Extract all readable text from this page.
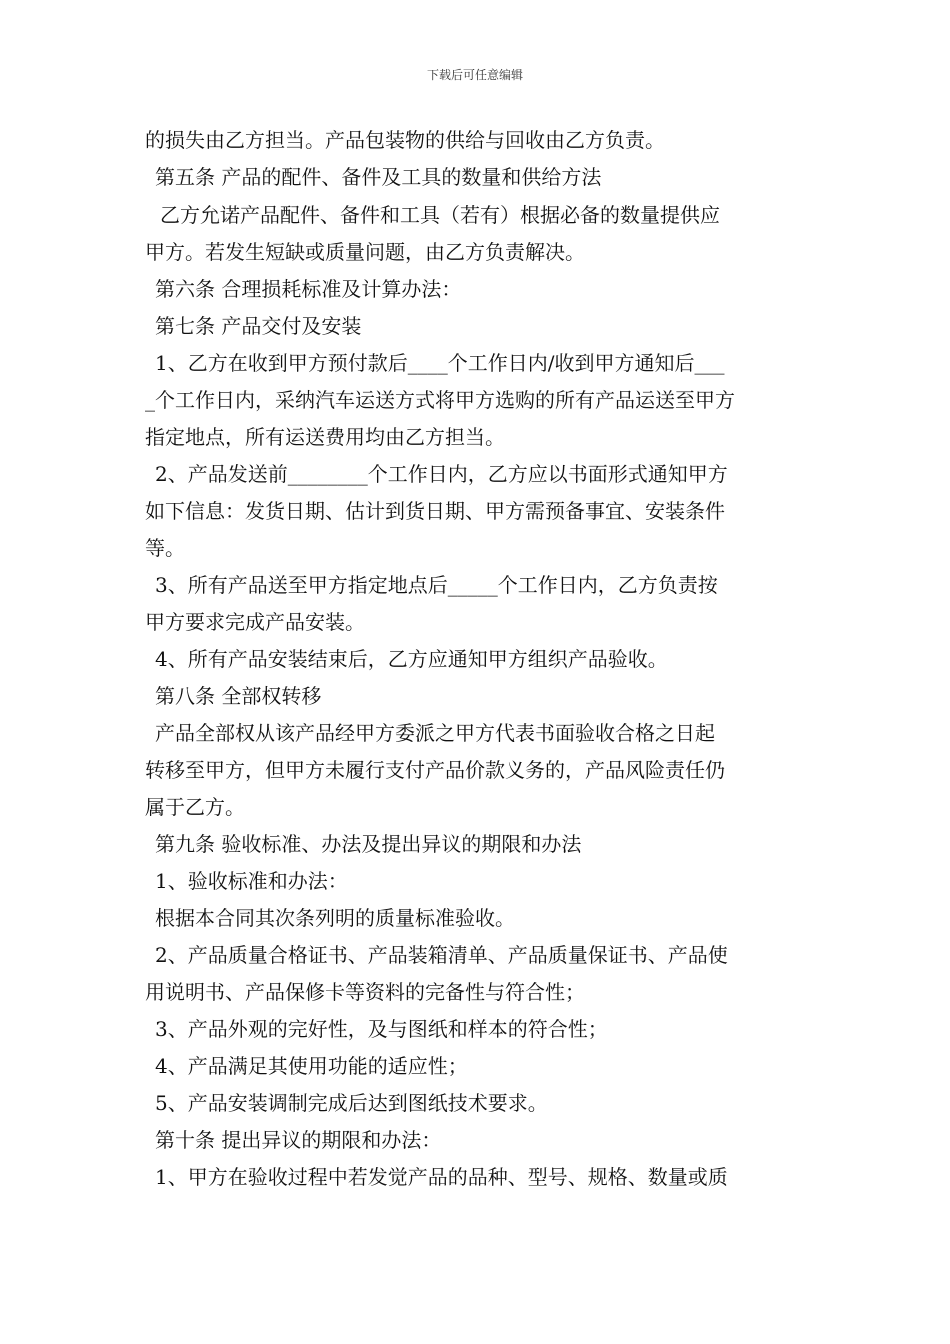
下载后可任意编辑
的损失由乙方担当。产品包装物的供给与回收由乙方负责。
第五条 产品的配件、备件及工具的数量和供给方法
乙方允诺产品配件、备件和工具（若有）根据必备的数量提供应
甲方。若发生短缺或质量问题，由乙方负责解决。
第六条 合理损耗标准及计算办法：
第七条 产品交付及安装
1、乙方在收到甲方预付款后____个工作日内/收到甲方通知后___
_个工作日内，采纳汽车运送方式将甲方选购的所有产品运送至甲方
指定地点，所有运送费用均由乙方担当。
2、产品发送前________个工作日内，乙方应以书面形式通知甲方
如下信息：发货日期、估计到货日期、甲方需预备事宜、安装条件
等。
3、所有产品送至甲方指定地点后_____个工作日内，乙方负责按
甲方要求完成产品安装。
4、所有产品安装结束后，乙方应通知甲方组织产品验收。
第八条 全部权转移
产品全部权从该产品经甲方委派之甲方代表书面验收合格之日起
转移至甲方，但甲方未履行支付产品价款义务的，产品风险责任仍
属于乙方。
第九条 验收标准、办法及提出异议的期限和办法
1、验收标准和办法：
根据本合同其次条列明的质量标准验收。
2、产品质量合格证书、产品装箱清单、产品质量保证书、产品使
用说明书、产品保修卡等资料的完备性与符合性；
3、产品外观的完好性，及与图纸和样本的符合性；
4、产品满足其使用功能的适应性；
5、产品安装调制完成后达到图纸技术要求。
第十条 提出异议的期限和办法：
1、甲方在验收过程中若发觉产品的品种、型号、规格、数量或质
